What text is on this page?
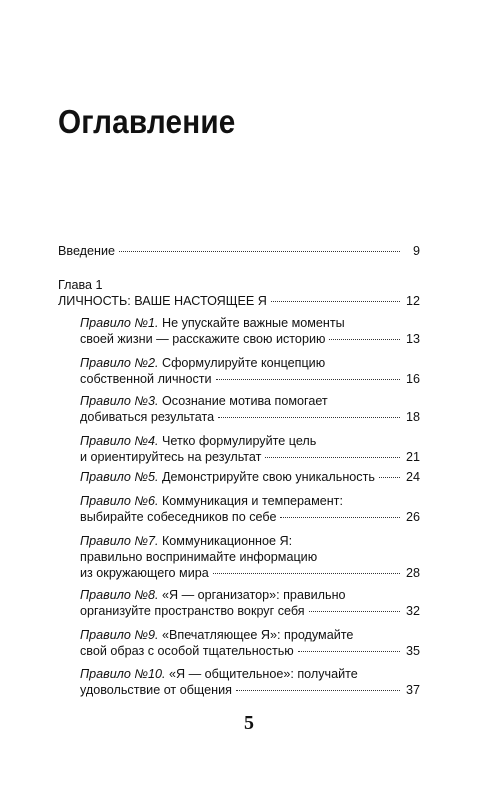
Оглавление
Введение	9
Глава 1
ЛИЧНОСТЬ: ВАШЕ НАСТОЯЩЕЕ Я	12
Правило №1.
Не упускайте важные моменты
своей жизни — расскажите свою историю	13
Правило №2.
Сформулируйте концепцию
собственной личности	16
Правило №3.
Осознание мотива помогает
добиваться результата	18
Правило №4.
Четко формулируйте цель
и ориентируйтесь на результат	21
Правило №5.
Демонстрируйте свою уникальность 24
Правило №6.
Коммуникация и темперамент:
выбирайте собеседников по себе	26
Правило №7.
Коммуникационное Я:
правильно воспринимайте информацию
из окружающего мира	28
Правило №8.
«Я — организатор»: правильно
организуйте пространство вокруг себя	32
Правило №9.
«Впечатляющее Я»: продумайте
свой образ с особой тщательностью	35
Правило №10.
«Я — общительное»: получайте
удовольствие от общения	37
5
